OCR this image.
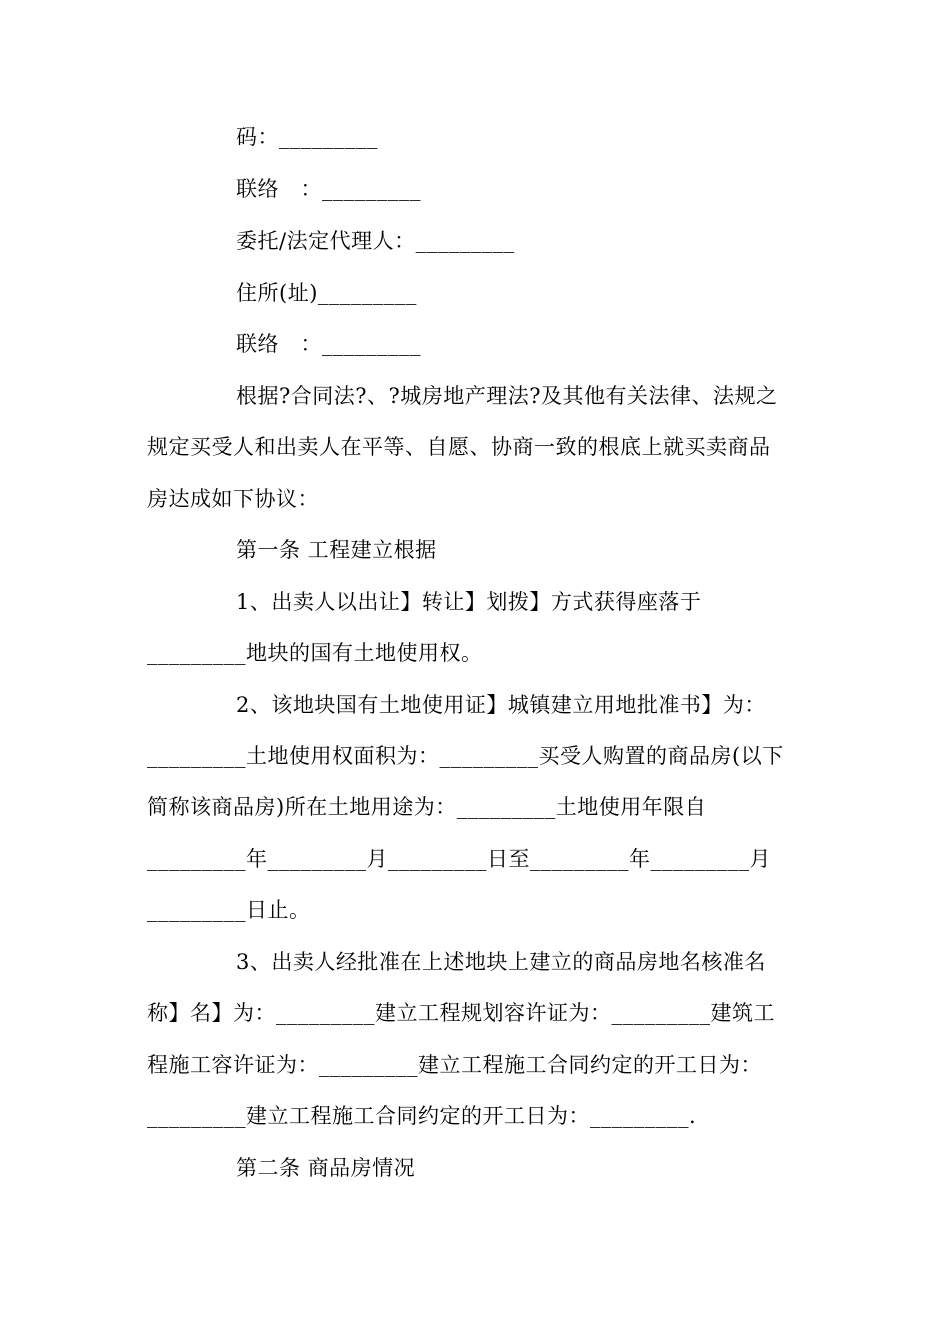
码：_________
联络　：_________
委托/法定代理人：_________
住所(址)_________
联络　：_________
根据?合同法?、?城房地产理法?及其他有关法律、法规之
规定买受人和出卖人在平等、自愿、协商一致的根底上就买卖商品
房达成如下协议：
第一条 工程建立根据
1、出卖人以出让】转让】划拨】方式获得座落于
_________地块的国有土地使用权。
2、该地块国有土地使用证】城镇建立用地批准书】为：
_________土地使用权面积为：_________买受人购置的商品房(以下
简称该商品房)所在土地用途为：_________土地使用年限自
_________年_________月_________日至_________年_________月
_________日止。
3、出卖人经批准在上述地块上建立的商品房地名核准名
称】名】为：_________建立工程规划容许证为：_________建筑工
程施工容许证为：_________建立工程施工合同约定的开工日为：
_________建立工程施工合同约定的开工日为：_________.
第二条 商品房情况
